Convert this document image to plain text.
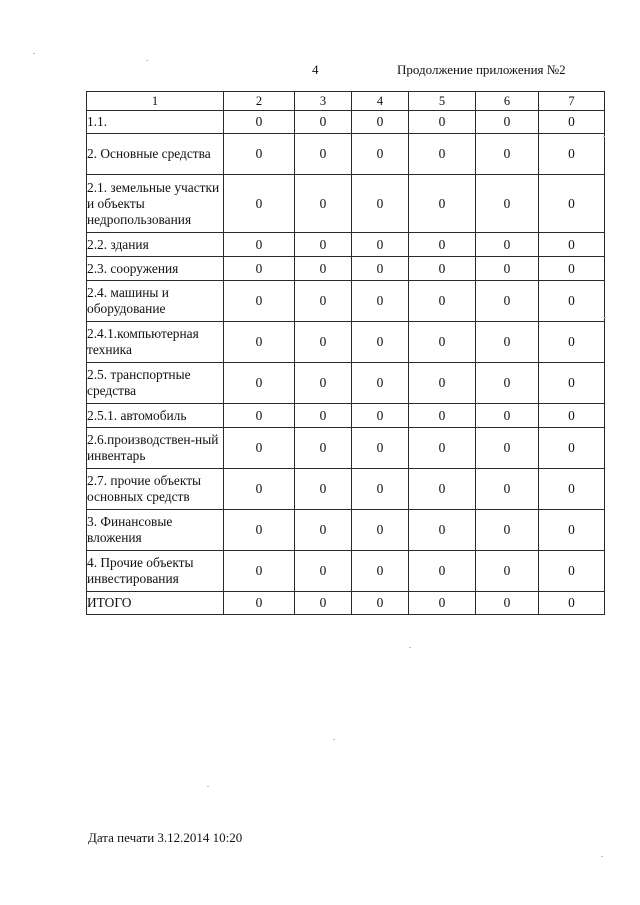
4	Продолжение приложения №2
1	2	3	4	5	6	7
1.1.	0	0	0	0	0	0
2. Основные средства	0	0	0	0	0	0
2.1. земельные участки и объекты недропользования	0	0	0	0	0	0
2.2. здания	0	0	0	0	0	0
2.3. сооружения	0	0	0	0	0	0
2.4. машины и оборудование	0	0	0	0	0	0
2.4.1.компьютерная техника	0	0	0	0	0	0
2.5. транспортные средства	0	0	0	0	0	0
2.5.1. автомобиль	0	0	0	0	0	0
2.6.производствен-ный инвентарь	0	0	0	0	0	0
2.7. прочие объекты основных средств	0	0	0	0	0	0
3. Финансовые вложения	0	0	0	0	0	0
4. Прочие объекты инвестирования	0	0	0	0	0	0
ИТОГО	0	0	0	0	0	0
Дата печати 3.12.2014 10:20
